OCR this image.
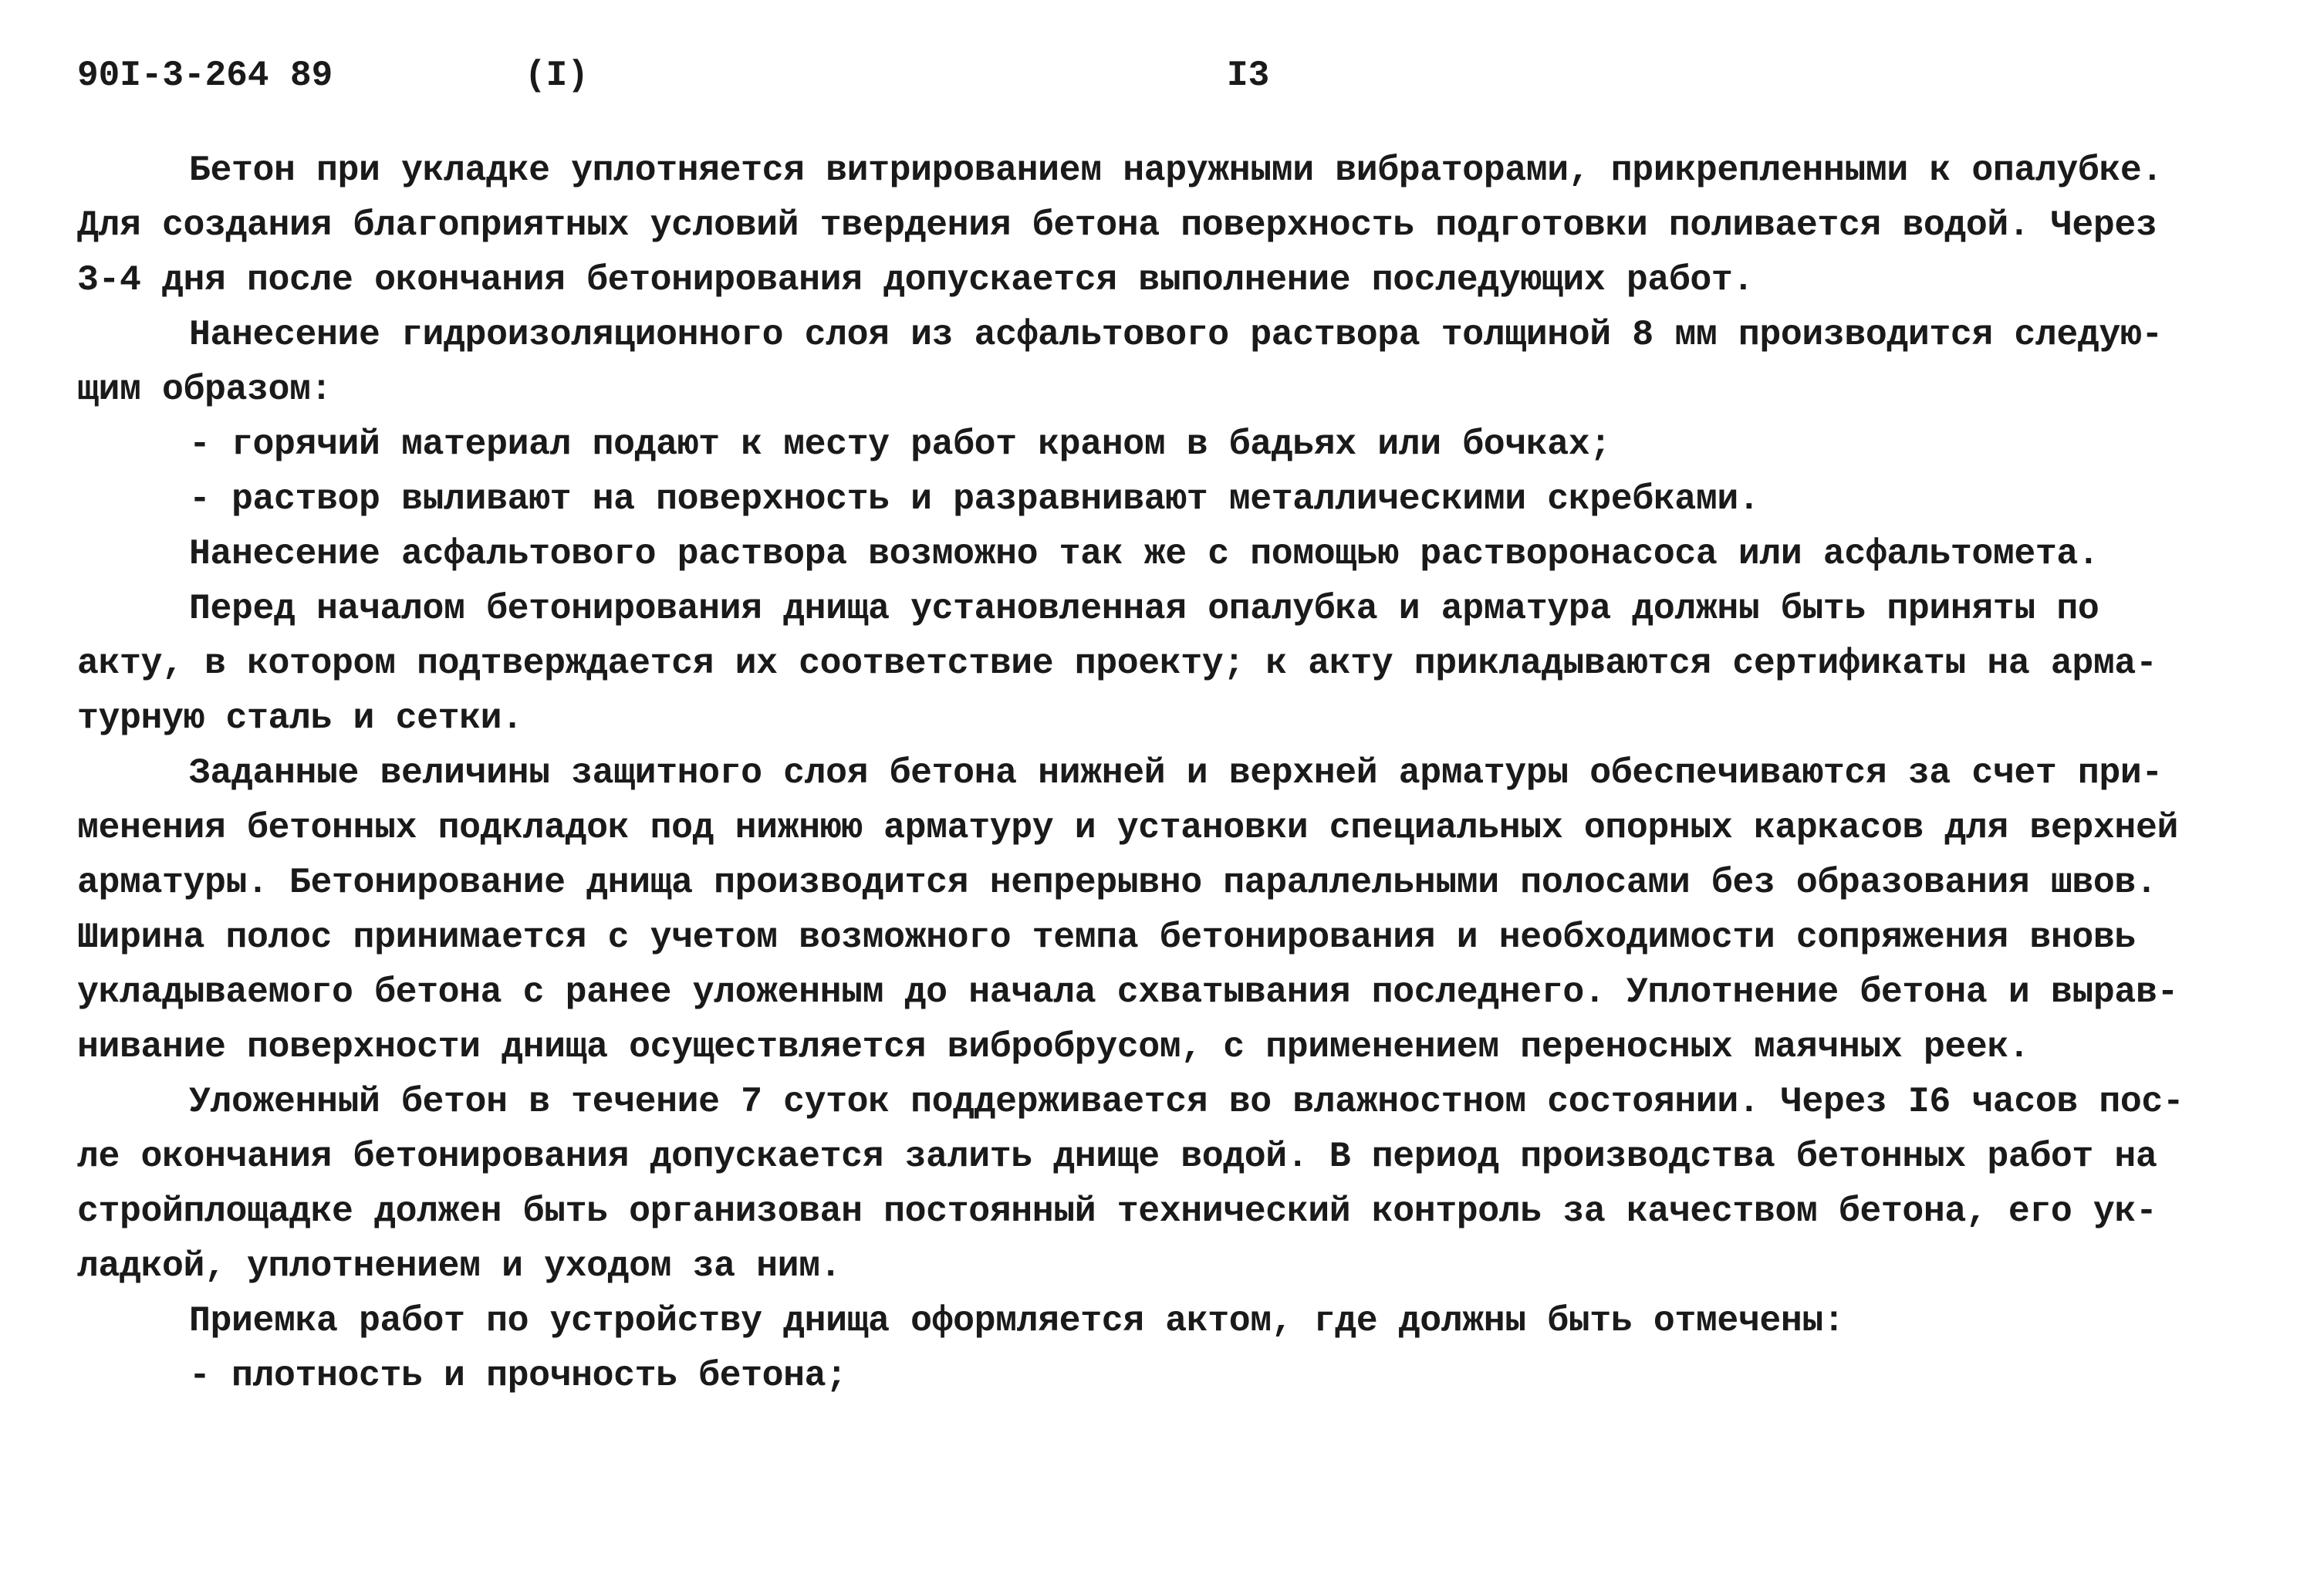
90I-3-264 89	(I)	I3
Бетон при укладке уплотняется витрированием наружными вибраторами, прикрепленными к опалубке.
Для создания благоприятных условий твердения бетона поверхность подготовки поливается водой. Через
3-4 дня после окончания бетонирования допускается выполнение последующих работ.
Нанесение гидроизоляционного слоя из асфальтового раствора толщиной 8 мм производится следую-
щим образом:
- горячий материал подают к месту работ краном в бадьях или бочках;
- раствор выливают на поверхность и разравнивают металлическими скребками.
Нанесение асфальтового раствора возможно так же с помощью растворонасоса или асфальтомета.
Перед началом бетонирования днища установленная опалубка и арматура должны быть приняты по
акту, в котором подтверждается их соответствие проекту; к акту прикладываются сертификаты на арма-
турную сталь и сетки.
Заданные величины защитного слоя бетона нижней и верхней арматуры обеспечиваются за счет при-
менения бетонных подкладок под нижнюю арматуру и установки специальных опорных каркасов для верхней
арматуры. Бетонирование днища производится непрерывно параллельными полосами без образования швов.
Ширина полос принимается с учетом возможного темпа бетонирования и необходимости сопряжения вновь
укладываемого бетона с ранее уложенным до начала схватывания последнего. Уплотнение бетона и вырав-
нивание поверхности днища осуществляется вибробрусом, с применением переносных маячных реек.
Уложенный бетон в течение 7 суток поддерживается во влажностном состоянии. Через I6 часов пос-
ле окончания бетонирования допускается залить днище водой. В период производства бетонных работ на
стройплощадке должен быть организован постоянный технический контроль за качеством бетона, его ук-
ладкой, уплотнением и уходом за ним.
Приемка работ по устройству днища оформляется актом, где должны быть отмечены:
- плотность и прочность бетона;
